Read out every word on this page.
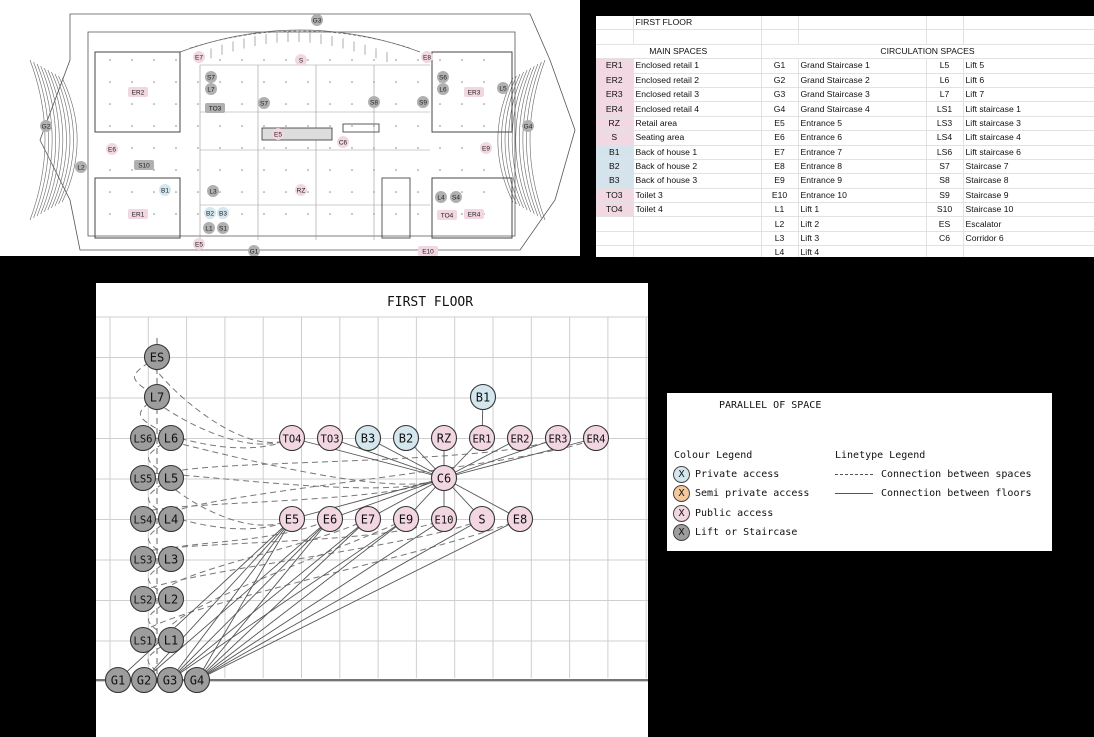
G3
S
E7	E8
ER2
S7
L7
TO3
S7	S8	S9
S6
L6	ER3
L5
G4
G2
E6
L2
E5
C6
S10
B1	L3	RZ
E9
L4 S4
ER1	TO4 ER4
B2 B3
L1 S1
E5
G1	E10
	FIRST FLOOR				

MAIN SPACES		CIRCULATION SPACES			
ER1	Enclosed retail 1	G1	Grand Staircase 1	L5	Lift 5
ER2	Enclosed retail 2	G2	Grand Staircase 2	L6	Lift 6
ER3	Enclosed retail 3	G3	Grand Staircase 3	L7	Lift 7
ER4	Enclosed retail 4	G4	Grand Staircase 4	LS1	Lift staircase 1
RZ	Retail area	E5	Entrance 5	LS3	Lift staircase 3
S	Seating area	E6	Entrance 6	LS4	Lift staircase 4
B1	Back of house 1	E7	Entrance 7	LS6	Lift staircase 6
B2	Back of house 2	E8	Entrance 8	S7	Staircase 7
B3	Back of house 3	E9	Entrance 9	S8	Staircase 8
TO3	Toilet 3	E10	Entrance 10	S9	Staircase 9
TO4	Toilet 4	L1	Lift 1	S10	Staircase 10
		L2	Lift 2	ES	Escalator
		L3	Lift 3	C6	Corridor 6
		L4	Lift 4		
FIRST FLOOR
ES
L7
LS6 L6
LS5 L5
LS4 L4
LS3 L3
LS2 L2
LS1 L1
G1 G2 G3 G4
B1
TO4 TO3 B3 B2 RZ ER1 ER2 ER3 ER4
C6
E5 E6 E7 E9 E10 S E8
PARALLEL OF SPACE
Colour Legend	Linetype Legend
X	Private access
X	Semi private access
X	Public access
X	Lift or Staircase
Connection between spaces
Connection between floors
